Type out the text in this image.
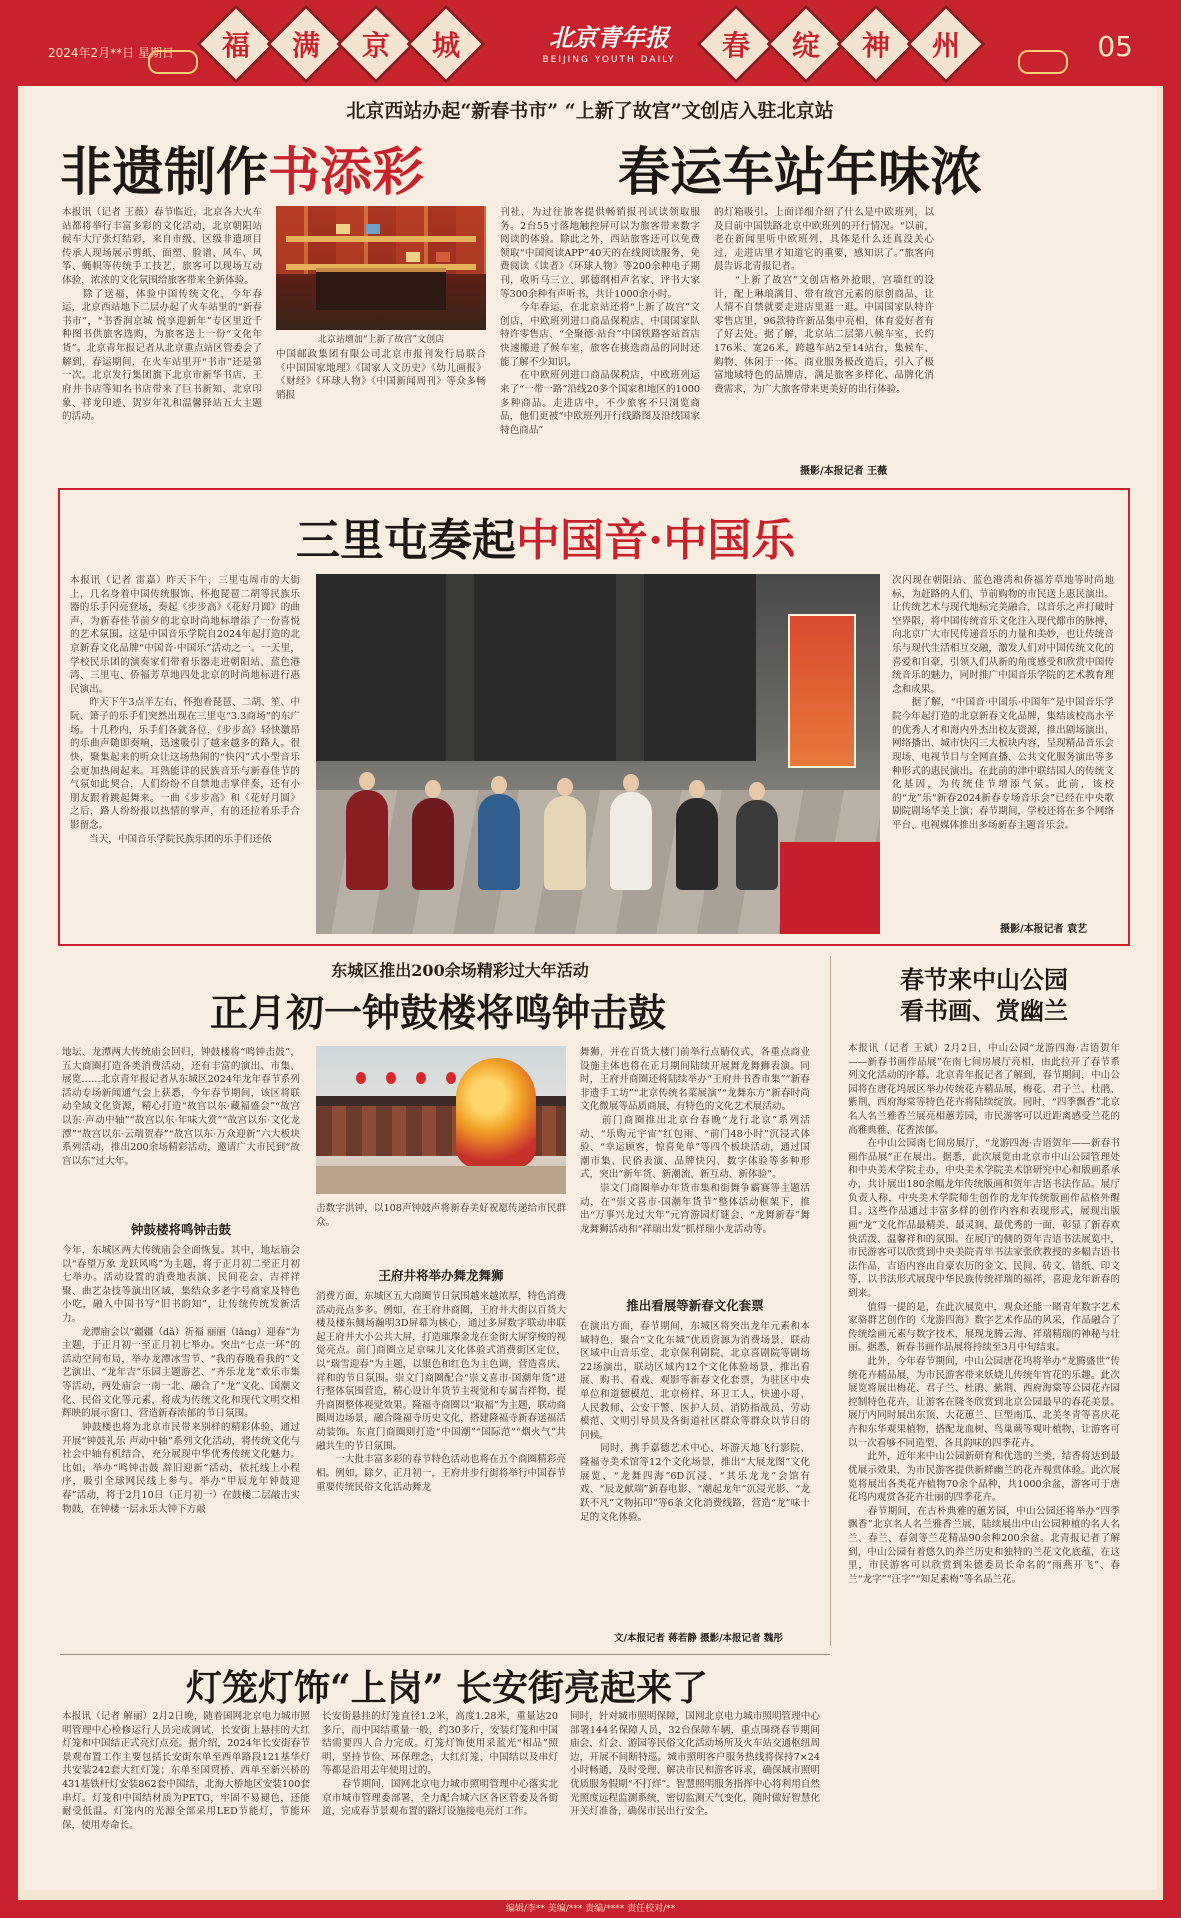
2024年2月**日 星期日 福 满 京 城	北京青年报
BEIJING YOUTH DAILY	春 绽 神 州	05
北京西站办起“新春书市” “上新了故宫”文创店入驻北京站
非遗制作书添彩	春运车站年味浓
本报讯（记者 王薇）春节临近，北京各大火车站都将举行丰富多彩的文化活动，北京朝阳站候车大厅张灯结彩，来自市级、区级非遗项目传承人现场展示剪纸、面塑、脸谱、风车、风筝、蝇帜等传统手工技艺，旅客可以现场互动体验，浓浓的文化氛围给旅客带来全新体验。
　　除了送福，体验中国传统文化，今年春运，北京西站地下二层办起了火车站里的“新春书市”，“书香润京城 悦享迎新年”专区里近千种图书供旅客选购，为旅客送上一份“文化年货”。北京青年报记者从北京重点站区管委会了解到，春运期间，在火车站里开“书市”还是第一次。北京发行集团旗下北京市新华书店、王府井书店等知名书店带来了巨书新知、北京印象、祥龙印迹、贺岁年礼和温馨驿站五大主题的活动。
北京站增加“上新了故宫”文创店
中国邮政集团有限公司北京市报刊发行局联合《中国国家地理》《国家人文历史》《幼儿画报》《财经》《环球人物》《中国新闻周刊》等众多畅销报
刊社，为过往旅客提供畅销报刊试读领取服务。2台55寸落地触控屏可以为旅客带来数字阅读的体验。除此之外，西站旅客还可以免费领取“中国阅读APP”40天的在线阅读服务，免费阅读《读者》《环球人物》等200余种电子期刊，收听马三立、郭德纲相声名家、评书大家等300余种有声听书，共计1000余小时。
　　今年春运，在北京站还将“上新了故宫”文创店，中欧班列进口商品保税店、中国国家队特许零售店、“全聚德·站台”中国铁路客站首店快速搬进了候车室，旅客在挑选商品的同时还能了解不少知识。
　　在中欧班列进口商品保税店，中欧班列运来了“一带一路”沿线20多个国家和地区的1000多种商品。走进店中，不少旅客不只浏览商品，他们更被“中欧班列开行线路图及沿线国家特色商品”
的灯箱吸引。上面详细介绍了什么是中欧班列，以及目前中国铁路北京中欧班列的开行情况。“以前，老在新闻里听中欧班列，具体是什么还真没关心过，走进店里才知道它的重要，感知识了。”旅客向晨告诉北青报记者。
　　“上新了故宫”文创店格外抢眼，宫墙红的设计，配上琳琅满目、带有故宫元素的原创商品，让人情不自禁就要走进店里逛一逛。中国国家队特许零售店里，96款特许新品集中亮相，体育爱好者有了好去处。据了解，北京站二层第八候车室，长约176米、宽26米，跨越车站2至14站台，集候车、购物、休闲于一体。商业服务极改造后，引入了极富地域特色的品牌店，满足旅客多样化、品牌化消费需求，为广大旅客带来更美好的出行体验。
摄影/本报记者 王薇
三里屯奏起中国音·中国乐
本报讯（记者 雷嘉）昨天下午，三里屯周市的大街上，几名身着中国传统服饰、怀抱琵琶二胡等民族乐器的乐手闪亮登场，奏起《步步高》《花好月圆》的曲声，为新春佳节前夕的北京时尚地标增添了一份喜悦的艺术氛围。这是中国音乐学院自2024年起打造的北京新春文化品牌“中国音·中国乐”活动之一。一天里，学校民乐团的演奏家们带着乐器走进朝阳站、蓝色港湾、三里屯、侨福芳草地四处北京的时尚地标进行惠民演出。
　　昨天下午3点半左右，怀抱着琵琶、二胡、笙、中阮、箫子的乐手们突然出现在三里屯“3.3商场”的东广场。十几秒内，乐手们各就各位，《步步高》轻快激昂的乐曲声随即奏响，迅速吸引了越来越多的路人。很快，聚集起来的听众让这场热闹的“快闪”式小型音乐会更加热闹起来。耳熟能详的民族音乐与新春佳节的气氛如此契合，人们纷纷不自禁地击掌伴奏，还有小朋友跟着跳起舞来。一曲《步步高》和《花好月圆》之后，路人纷纷报以热情的掌声，有的还拉着乐手合影留念。
　　当天，中国音乐学院民族乐团的乐手们还依
次闪现在朝阳站、蓝色港湾和侨福芳草地等时尚地标，为赶路的人们、节前购物的市民送上惠民演出。让传统艺术与现代地标完美融合，以音乐之声打破时空界限，将中国传统音乐文化注入现代都市的脉搏，向北京广大市民传递音乐的力量和美妙，也让传统音乐与现代生活相互交融，激发人们对中国传统文化的喜爱和自豪，引领人们从新的角度感受和欣赏中国传统音乐的魅力，同时推广中国音乐学院的艺术教育理念和成果。
　　据了解，“中国音·中国乐·中国年”是中国音乐学院今年起打造的北京新春文化品牌，集结该校高水平的优秀人才和海内外杰出校友资源，推出剧场演出、网络播出、城市快闪三大板块内容，呈现精品音乐会现场、电视节目与全网直播、公共文化服务演出等多种形式的惠民演出。在此前的津中联结国人的传统文化基因，为传统佳节增添气氛。此前，该校的“龙”乐“新春2024新春专场音乐会”已经在中央歌剧院剧场华美上演；春节期间，学校还将在多个网络平台、电视媒体推出多场新春主题音乐会。
摄影/本报记者 袁艺
东城区推出200余场精彩过大年活动
正月初一钟鼓楼将鸣钟击鼓
地坛、龙潭两大传统庙会回归，钟鼓楼将“鸣钟击鼓”，五大商圈打造各类消费活动，还有丰富的演出、市集、展览……北京青年报记者从东城区2024年龙年春节系列活动专场新闻通气会上获悉，今年春节期间，该区将联动全域文化资源，精心打造“故宫以东·藏福盛会”“故宫以东·声动中轴”“故宫以东·年味大赏”“故宫以东·文化龙潭”“故宫以东·云端贺春”“故宫以东·万众迎新”六大板块系列活动，推出200余场精彩活动，邀请广大市民到“故宫以东”过大年。
钟鼓楼将鸣钟击鼓
今年，东城区两大传统庙会全面恢复。其中，地坛庙会以“春望万象 龙跃风鸣”为主题，将于正月初二至正月初七举办。活动设置的消费地表演、民间花会、吉祥祥聚、曲艺杂技等演出区域，集结众多老字号商家及特色小吃，融入中国书写“旧书韵知”，让传统传统发新活力。
　　龙潭庙会以“疆疆（dǎ）祈福 丽丽（lǎng）迎春”为主题，于正月初一至正月初七举办。突出“七点一环”的活动空间布局，举办龙潭冰雪节、“我的春晚看我的”文艺演出、“龙年吉”乐园主题游艺、“齐乐龙龙”欢乐市集等活动，两处庙会一南一北、融合了“龙”文化、国潮文化、民俗文化等元素，将成为传统文化和现代文明交相辉映的展示窗口、营造新春浓郁的节日氛围。
　　钟鼓楼也将为北京市民带来别样的精彩体验，通过开展“钟鼓礼乐 声动中轴”系列文化活动，将传统文化与社会中轴有机结合，充分展现中华优秀传统文化魅力。比如，举办“鸣钟击鼓 辞旧迎新”活动，依托线上小程序，吸引全球网民线上参与。举办“甲辰龙年钟鼓迎春”活动，将于2月10日（正月初一）在鼓楼二层敲击实物鼓，在钟楼一层永乐大钟下方敲
击数字洪钟，以108声钟鼓声将新春美好祝愿传递给市民群众。
王府井将举办舞龙舞狮
消费方面，东城区五大商圈节日氛围越来越浓厚，特色消费活动亮点多多。例如，在王府井商圈，王府井大街以百货大楼及楼东侧场瀚明3D屏幕为核心，通过多屏数字联动串联起王府井大小公共大屏，打造璀璨金龙在金街大屏穿梭的视觉亮点。前门商圈立足京味儿文化体验式消费街区定位，以“瑞雪迎春”为主题，以银色和红色为主色调，营造喜庆、祥和的节日氛围。崇文门商圈配合“崇文喜市·国潮年货”进行整体氛围营造，精心设计年货节主视觉和专属吉祥物，提升商圈整体视觉效果。隆福寺商圈以“取福”为主题，联动商圈周边场景，融合隆福寺历史文化，搭建隆福寺新春送福活动装饰。东直门商圈则打造“中国潮”“国际范”“烟火气”共融共生的节日氛围。
　　一大批丰富多彩的春节特色活动也将在五个商圈精彩亮相。例如，除夕、正月初一，王府井步行街将举行中国春节重要传统民俗文化活动舞龙
舞狮，并在百货大楼门前举行点睛仪式，各重点商业设施主体也将在正月期间陆续开展舞龙舞狮表演。同时，王府井商圈还将陆续举办“王府井书香市集”“新春非遗手工坊”“北京传统名菜展演”“龙舞东方”新春时尚文化微展等品质商展，有特色的文化艺术展活动。
　　前门商圈推出北京台春晚“龙行北京”系列活动、“乐购元宇宙”红包雨、“前门48小时”沉浸式体验、“幸运顾客，惊喜免单”等四个板块活动，通过国潮市集、民俗表演、品牌快闪、数字体验等多种形式，突出“新年货、新潮流、新互动、新体验”。
　　崇文门商圈举办年货市集和街舞争霸赛等主题活动，在“崇文喜市·国潮年货节”整体活动框架下，推出“万事兴龙过大年”元宵游园灯谜会、“龙舞新春”舞龙舞狮活动和“祥瑞出发”抓样瑞小龙活动等。
推出看展等新春文化套票
在演出方面，春节期间，东城区将突出龙年元素和本城特色，聚合“文化东城”优质资源为消费场景，联动区域中山音乐堂、北京保利剧院、北京喜剧院等剧场22场演出，联动区域内12个文化体验场景，推出看展、购书、看戏、观影等新春文化套票，为驻区中央单位和道德模范、北京榜样、环卫工人、快递小哥、人民教师、公安干警、医护人员、消防指战员、劳动模范、文明引导员及各街道社区群众等群众以节日的问候。
　　同时，携手嘉德艺术中心、坏游天地飞行影院、隆福寺美术馆等12个文化场景，推出“大展龙图”文化展览、“龙舞四海”6D沉浸、“其乐龙龙”会馆有戏、“辰龙献端”新春电影、“潮起龙年”沉浸光影、“龙跃不凡”文物拓印”等6条文化消费线路，营造“龙”味十足的文化体验。
文/本报记者 蒋若静 摄影/本报记者 魏彤
春节来中山公园
看书画、赏幽兰
本报讯（记者 王斌）2月2日，中山公园“龙游四海·吉语贺年——新春书画作品展”在南七间房展厅亮相，由此拉开了春节系列文化活动的序幕。北京青年报记者了解到，春节期间，中山公园将在唐花坞展区举办传统花卉精品展，梅花、君子兰、杜鹃、紫荆、西府海棠等特色花卉将陆续绽放。同时，“四季飘香”北京名人名兰雅香兰展亮相蕙芳园，市民游客可以近距离感受兰花的高雅典雅、花香浓郁。
　　在中山公园南七间房展厅，“龙游四海·吉语贺年——新春书画作品展”正在展出。据悉，此次展览由北京市中山公园管理处和中央美术学院主办，中央美术学院美术馆研究中心和版画系承办，共计展出180余幅龙年传统版画和贺年吉语书法作品。展厅负责人称，中央美术学院师生创作的龙年传统版画作品格外醒目。这些作品通过丰富多样的创作内容和表现形式，展现出版画“龙”文化作品最精美、最灵润、最优秀的一面，彰显了新春欢快活泼、温馨祥和的氛围。在展厅的侧的贺年吉语书法展览中，市民游客可以欣赏到中央美院青年书法家张欣教授的多幅吉语书法作品，吉语内容由自豪农历的金文、民间、砖文、错纸、印文等，以书法形式展现中华民族传统祥瑞的福祥，喜迎龙年新春的到来。
　　值得一提的是，在此次展览中，观众还能一睹青年数字艺术家骆群艺创作的《龙游四海》数字艺术作品的风采，作品融合了传统绘画元素与数字技术，展现龙腾云海、祥瑞精瑞的神秘与壮丽。据悉，新春书画作品展将持续至3月中旬结束。
　　此外，今年春节期间，中山公园唐花坞将举办“龙腾盛世”传统花卉精品展，为市民游客带来妖娆儿传统年宵花的乐趣。此次展览将展出梅花、君子兰、杜鹃、紫荆、西府海棠等公园花卉园控制特色花卉，让游客在隆冬欣赏到北京公园最早的春花美景。展厅内同时展出东顶、大花蕙兰、巨型南瓜、北美冬青等喜庆花卉和东华观果植物，搭配龙血树、鸟巢蕨等观叶植物，让游客可以一次看够不同造型、各具韵味的四季花卉。
　　此外，近年来中山公园新研育和优选的兰类，结香将达到最优展示效果，为市民游客提供新鲜幽兰的花卉观赏体验。此次展览将展出各类花卉植物70余个品种，共1000余盆，游客可于唐花坞内观赏各花卉壮丽的四季花卉。
　　春节期间，在古朴典雅的蕙芳园，中山公园还将举办“四季飘香”北京名人名兰雅香兰展，陆续展出中山公园种植的名人名兰、春兰、春剑等兰花精品90余种200余盆。北青报记者了解到，中山公园有着悠久的养兰历史和独特的兰花文化底蕴，在这里，市民游客可以欣赏到朱德委员长命名的“雨燕开飞”、春兰“龙字”“汪字”“知足素梅”等名品兰花。
灯笼灯饰“上岗” 长安街亮起来了
本报讯（记者 解丽）2月2日晚，随着国网北京电力城市照明管理中心检修运行人员完成调试，长安街上悬挂的大红灯笼和中国结正式亮灯点亮。据介绍，2024年长安街春节景观布置工作主要包括长安街东单至西单路段121基华灯共安装242套大红灯笼；东单至国贸桥、西单至新兴桥的431基铁杆灯安装862套中国结，北海大桥地区安装100套串灯。灯笼和中国结材质为PETG，牢固不易褪色，还能耐受低温。灯笼内的光源全部采用LED节能灯，节能环保，使用寿命长。
长安街悬挂的灯笼直径1.2米，高度1.28米，重量达20多斤，而中国结重量一般，约30多斤，安装灯笼和中国结需要四人合力完成。灯笼灯饰使用采蓝光“相品”照明，坚持节俭、环保理念，大红灯笼、中国结以及串灯等都是沿用去年使用过的。
　　春节期间，国网北京电力城市照明管理中心落实北京市城市管理委部署，全力配合城六区各区管委及各街道，完成春节景观布置的路灯设施接电亮灯工作。
同时，针对城市照明保障，国网北京电力城市照明管理中心部署144名保障人员，32台保障车辆，重点围绕春节期间庙会、灯会、游园等民俗文化活动场所及火车站交通枢纽周边，开展不间断特巡。城市照明客户服务热线将保持7×24小时畅通，及时受理、解决市民和游客诉求，确保城市照明优质服务假期“不打烊”。智慧照明服务指挥中心将利用自然光照度远程监测系统，密切监测天气变化，随时做好智慧化开关灯准备，确保市民出行安全。
编辑/李** 美编/*** 责编/**** 责任校对/**
